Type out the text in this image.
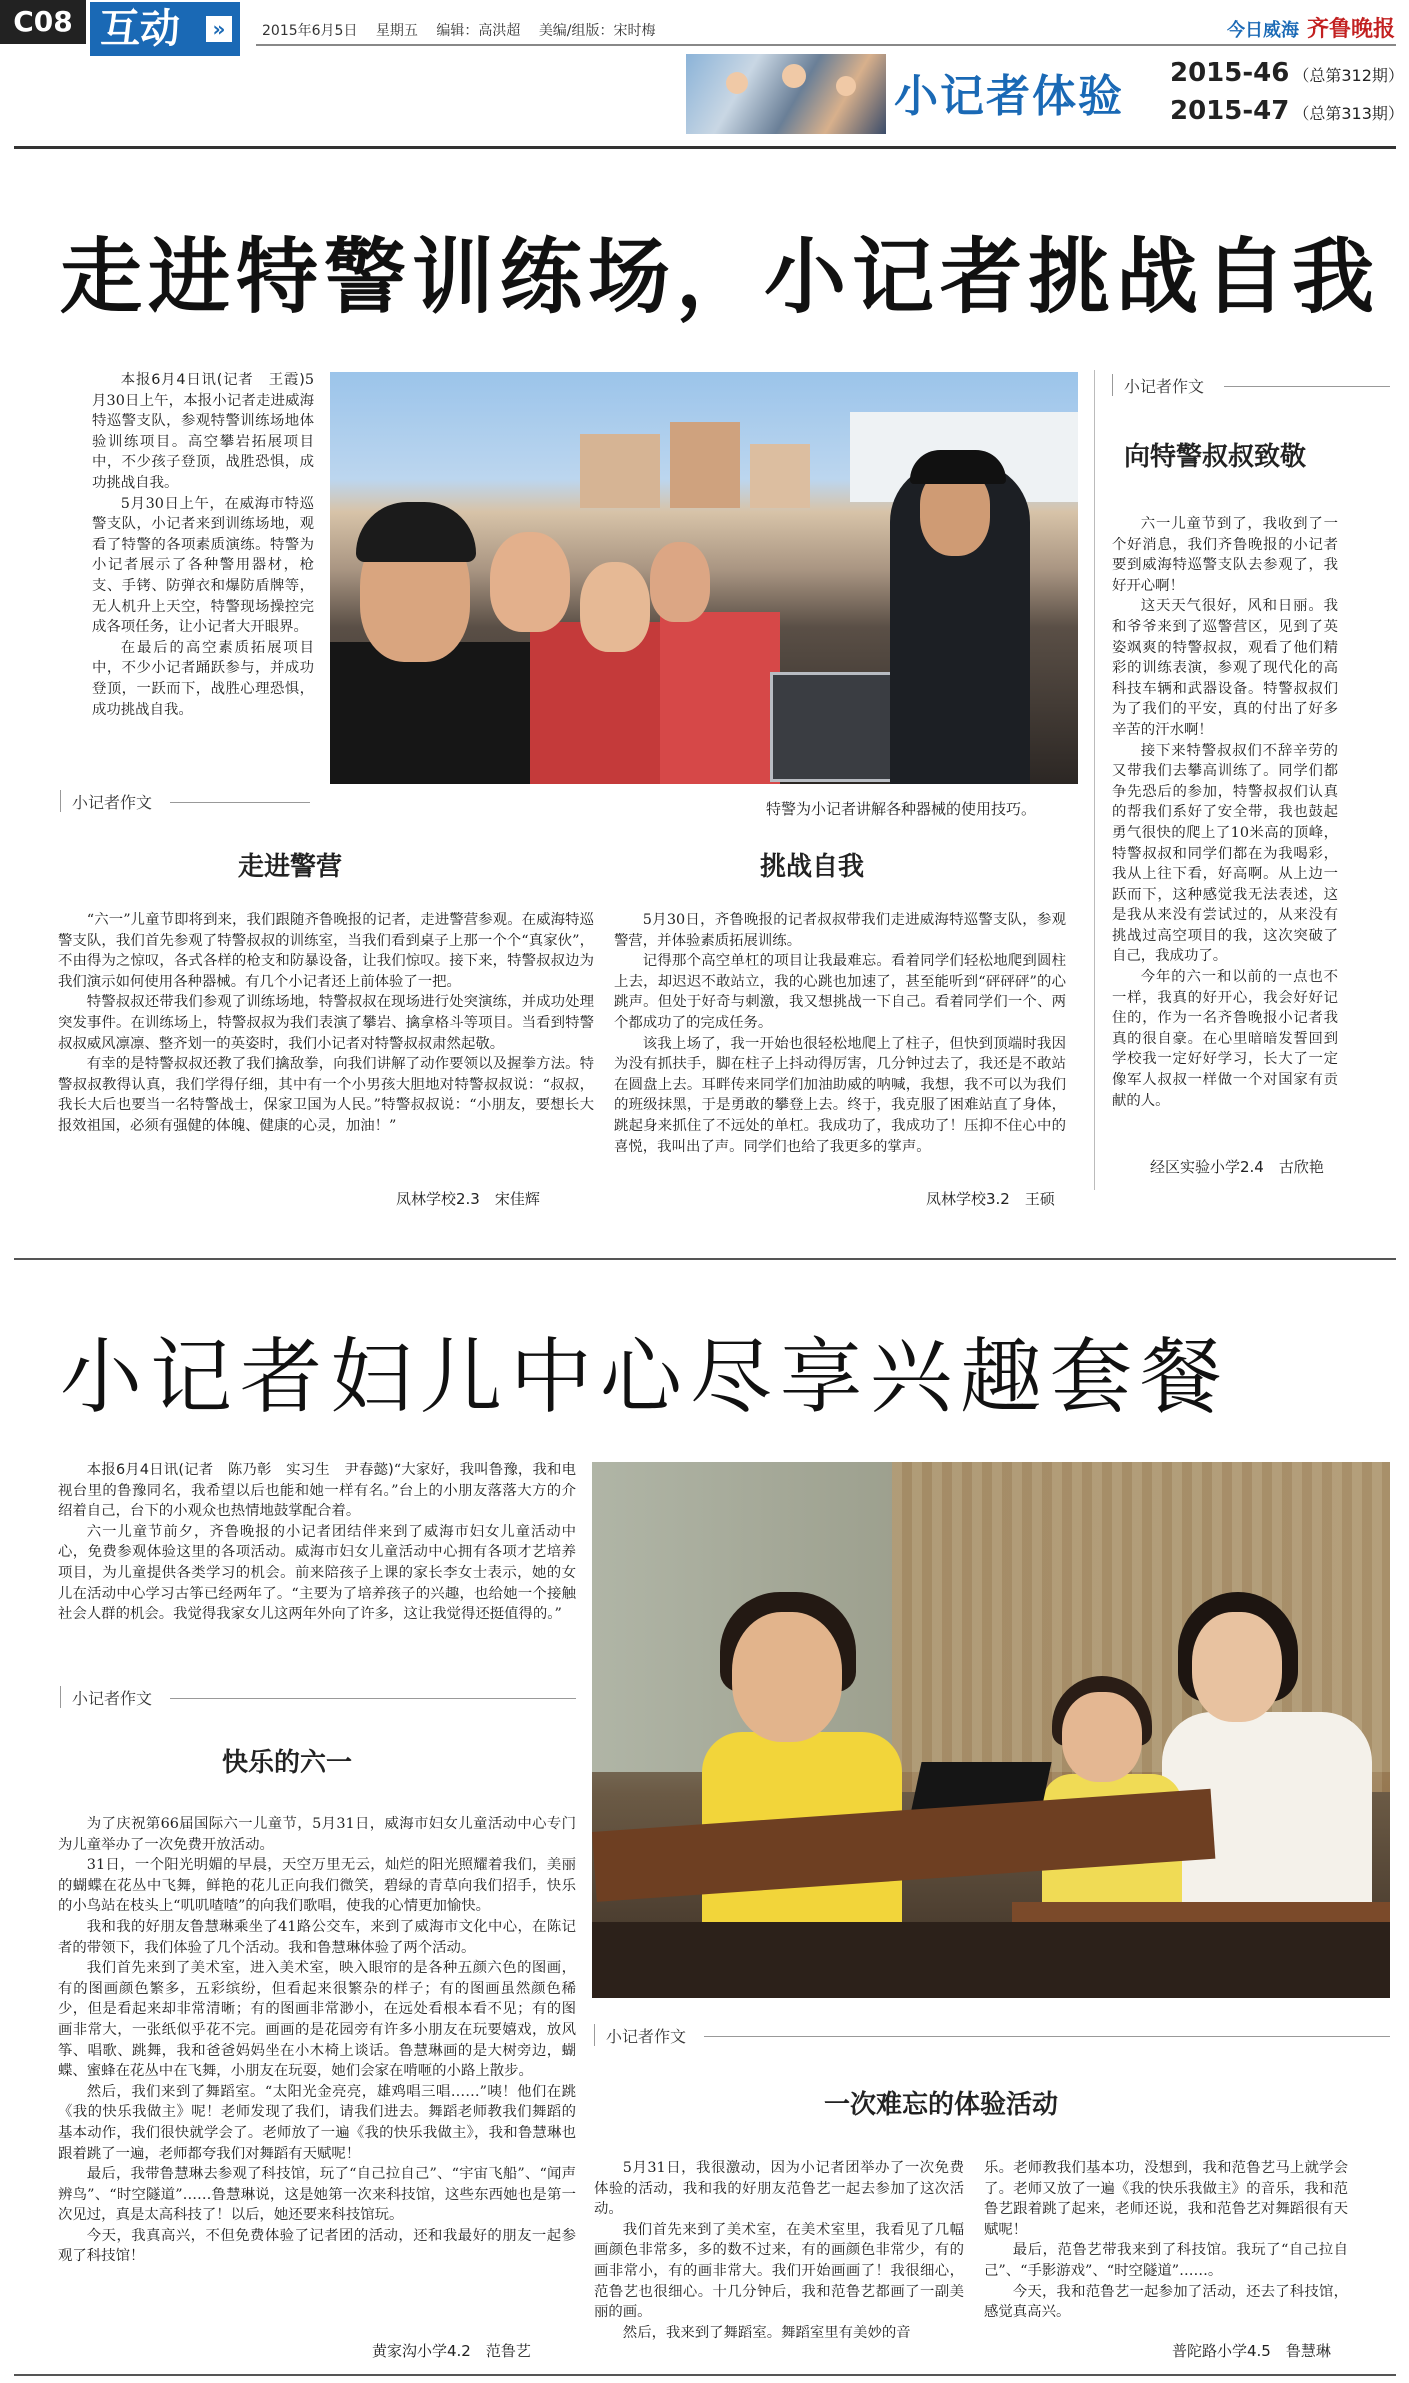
C08 互动	»	2015年6月5日 星期五 编辑：高洪超 美编/组版：宋时梅	今日威海 齐鲁晚报
小记者体验 2015-46 （总第312期）
2015-47 （总第313期）
走进特警训练场，小记者挑战自我

本报6月4日讯(记者　王霞)5月30日上午，本报小记者走进威海特巡警支队，参观特警训练场地体验训练项目。高空攀岩拓展项目中，不少孩子登顶，战胜恐惧，成功挑战自我。

5月30日上午，在威海市特巡警支队，小记者来到训练场地，观看了特警的各项素质演练。特警为小记者展示了各种警用器材，枪支、手铐、防弹衣和爆防盾牌等，无人机升上天空，特警现场操控完成各项任务，让小记者大开眼界。

在最后的高空素质拓展项目中，不少小记者踊跃参与，并成功登顶，一跃而下，战胜心理恐惧，成功挑战自我。

特警为小记者讲解各种器械的使用技巧。
小记者作文
走进警营

“六一”儿童节即将到来，我们跟随齐鲁晚报的记者，走进警营参观。在威海特巡警支队，我们首先参观了特警叔叔的训练室，当我们看到桌子上那一个个“真家伙”，不由得为之惊叹，各式各样的枪支和防暴设备，让我们惊叹。接下来，特警叔叔边为我们演示如何使用各种器械。有几个小记者还上前体验了一把。

特警叔叔还带我们参观了训练场地，特警叔叔在现场进行处突演练，并成功处理突发事件。在训练场上，特警叔叔为我们表演了攀岩、擒拿格斗等项目。当看到特警叔叔威风凛凛、整齐划一的英姿时，我们小记者对特警叔叔肃然起敬。

有幸的是特警叔叔还教了我们擒敌拳，向我们讲解了动作要领以及握拳方法。特警叔叔教得认真，我们学得仔细，其中有一个小男孩大胆地对特警叔叔说：“叔叔，我长大后也要当一名特警战士，保家卫国为人民。”特警叔叔说：“小朋友，要想长大报效祖国，必须有强健的体魄、健康的心灵，加油！”

凤林学校2.3　宋佳辉
挑战自我

5月30日，齐鲁晚报的记者叔叔带我们走进威海特巡警支队，参观警营，并体验素质拓展训练。

记得那个高空单杠的项目让我最难忘。看着同学们轻松地爬到圆柱上去，却迟迟不敢站立，我的心跳也加速了，甚至能听到“砰砰砰”的心跳声。但处于好奇与刺激，我又想挑战一下自己。看着同学们一个、两个都成功了的完成任务。

该我上场了，我一开始也很轻松地爬上了柱子，但快到顶端时我因为没有抓扶手，脚在柱子上抖动得厉害，几分钟过去了，我还是不敢站在圆盘上去。耳畔传来同学们加油助威的呐喊，我想，我不可以为我们的班级抹黑，于是勇敢的攀登上去。终于，我克服了困难站直了身体，跳起身来抓住了不远处的单杠。我成功了，我成功了！压抑不住心中的喜悦，我叫出了声。同学们也给了我更多的掌声。

凤林学校3.2　王硕
小记者作文
向特警叔叔致敬

六一儿童节到了，我收到了一个好消息，我们齐鲁晚报的小记者要到威海特巡警支队去参观了，我好开心啊！

这天天气很好，风和日丽。我和爷爷来到了巡警营区，见到了英姿飒爽的特警叔叔，观看了他们精彩的训练表演，参观了现代化的高科技车辆和武器设备。特警叔叔们为了我们的平安，真的付出了好多辛苦的汗水啊！

接下来特警叔叔们不辞辛劳的又带我们去攀高训练了。同学们都争先恐后的参加，特警叔叔们认真的帮我们系好了安全带，我也鼓起勇气很快的爬上了10米高的顶峰，特警叔叔和同学们都在为我喝彩，我从上往下看，好高啊。从上边一跃而下，这种感觉我无法表述，这是我从来没有尝试过的，从来没有挑战过高空项目的我，这次突破了自己，我成功了。

今年的六一和以前的一点也不一样，我真的好开心，我会好好记住的，作为一名齐鲁晚报小记者我真的很自豪。在心里暗暗发誓回到学校我一定好好学习，长大了一定像军人叔叔一样做一个对国家有贡献的人。

经区实验小学2.4　古欣艳
小记者妇儿中心尽享兴趣套餐

本报6月4日讯(记者　陈乃彰　实习生　尹春懿)“大家好，我叫鲁豫，我和电视台里的鲁豫同名，我希望以后也能和她一样有名。”台上的小朋友落落大方的介绍着自己，台下的小观众也热情地鼓掌配合着。

六一儿童节前夕，齐鲁晚报的小记者团结伴来到了威海市妇女儿童活动中心，免费参观体验这里的各项活动。威海市妇女儿童活动中心拥有各项才艺培养项目，为儿童提供各类学习的机会。前来陪孩子上课的家长李女士表示，她的女儿在活动中心学习古筝已经两年了。“主要为了培养孩子的兴趣，也给她一个接触社会人群的机会。我觉得我家女儿这两年外向了许多，这让我觉得还挺值得的。”

小记者作文
快乐的六一

为了庆祝第66届国际六一儿童节，5月31日，威海市妇女儿童活动中心专门为儿童举办了一次免费开放活动。

31日，一个阳光明媚的早晨，天空万里无云，灿烂的阳光照耀着我们，美丽的蝴蝶在花丛中飞舞，鲜艳的花儿正向我们微笑，碧绿的青草向我们招手，快乐的小鸟站在枝头上“叽叽喳喳”的向我们歌唱，使我的心情更加愉快。

我和我的好朋友鲁慧琳乘坐了41路公交车，来到了威海市文化中心，在陈记者的带领下，我们体验了几个活动。我和鲁慧琳体验了两个活动。

我们首先来到了美术室，进入美术室，映入眼帘的是各种五颜六色的图画，有的图画颜色繁多，五彩缤纷，但看起来很繁杂的样子；有的图画虽然颜色稀少，但是看起来却非常清晰；有的图画非常渺小，在远处看根本看不见；有的图画非常大，一张纸似乎花不完。画画的是花园旁有许多小朋友在玩要嬉戏，放风筝、唱歌、跳舞，我和爸爸妈妈坐在小木椅上谈话。鲁慧琳画的是大树旁边，蝴蝶、蜜蜂在花丛中在飞舞，小朋友在玩耍，她们会家在啃咂的小路上散步。

然后，我们来到了舞蹈室。“太阳光金亮亮，雄鸡唱三唱……”咦！他们在跳《我的快乐我做主》呢！老师发现了我们，请我们进去。舞蹈老师教我们舞蹈的基本动作，我们很快就学会了。老师放了一遍《我的快乐我做主》，我和鲁慧琳也跟着跳了一遍，老师都夸我们对舞蹈有天赋呢！

最后，我带鲁慧琳去参观了科技馆，玩了“自己拉自己”、“宇宙飞船”、“闻声辨鸟”、“时空隧道”……鲁慧琳说，这是她第一次来科技馆，这些东西她也是第一次见过，真是太高科技了！以后，她还要来科技馆玩。

今天，我真高兴，不但免费体验了记者团的活动，还和我最好的朋友一起参观了科技馆！

黄家沟小学4.2　范鲁艺
小记者作文
一次难忘的体验活动

5月31日，我很激动，因为小记者团举办了一次免费体验的活动，我和我的好朋友范鲁艺一起去参加了这次活动。

我们首先来到了美术室，在美术室里，我看见了几幅画颜色非常多，多的数不过来，有的画颜色非常少，有的画非常小，有的画非常大。我们开始画画了！我很细心，范鲁艺也很细心。十几分钟后，我和范鲁艺都画了一副美丽的画。

然后，我来到了舞蹈室。舞蹈室里有美妙的音

乐。老师教我们基本功，没想到，我和范鲁艺马上就学会了。老师又放了一遍《我的快乐我做主》的音乐，我和范鲁艺跟着跳了起来，老师还说，我和范鲁艺对舞蹈很有天赋呢！

最后，范鲁艺带我来到了科技馆。我玩了“自己拉自己”、“手影游戏”、“时空隧道”……。

今天，我和范鲁艺一起参加了活动，还去了科技馆，感觉真高兴。

普陀路小学4.5　鲁慧琳
